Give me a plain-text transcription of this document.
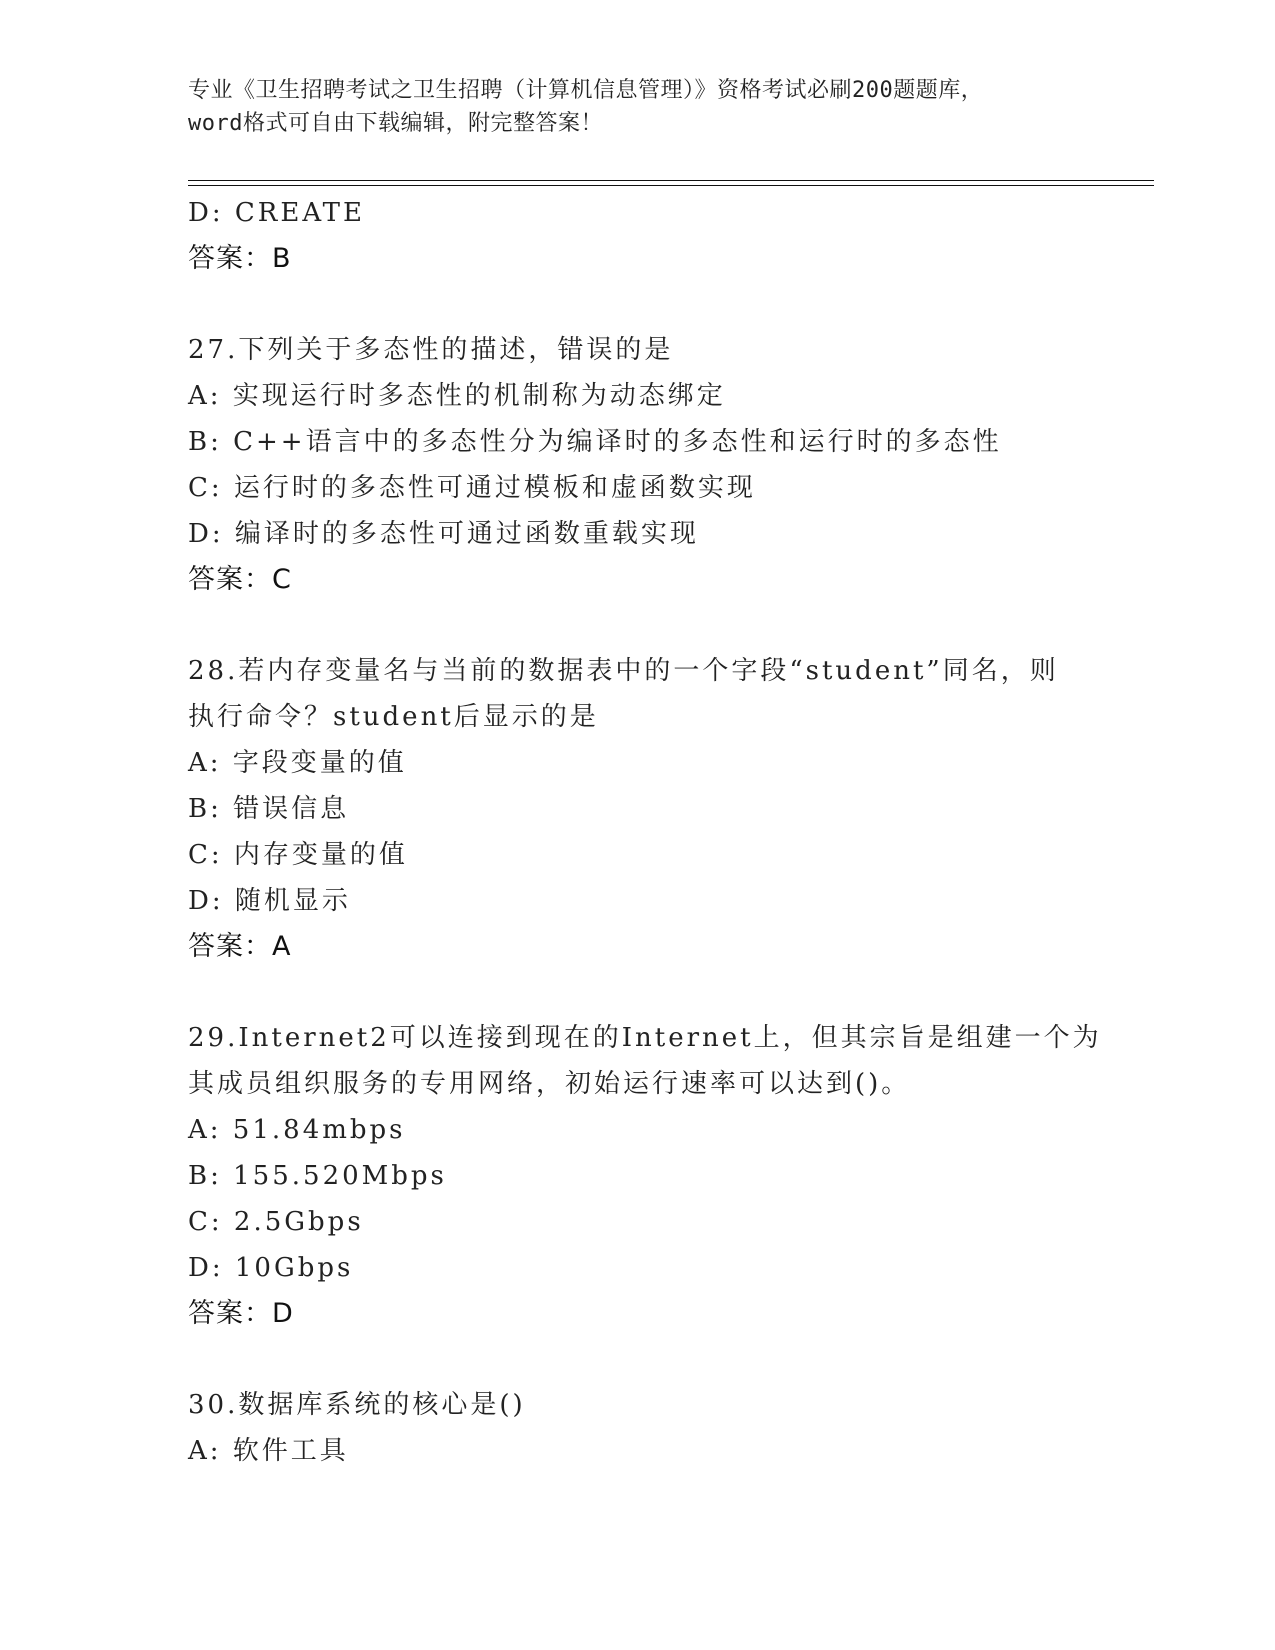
专业《卫生招聘考试之卫生招聘（计算机信息管理）》资格考试必刷200题题库，
word格式可自由下载编辑，附完整答案！
D: CREATE
答案：B
27.下列关于多态性的描述，错误的是
A: 实现运行时多态性的机制称为动态绑定
B: C++语言中的多态性分为编译时的多态性和运行时的多态性
C: 运行时的多态性可通过模板和虚函数实现
D: 编译时的多态性可通过函数重载实现
答案：C
28.若内存变量名与当前的数据表中的一个字段“student”同名，则
执行命令？student后显示的是
A: 字段变量的值
B: 错误信息
C: 内存变量的值
D: 随机显示
答案：A
29.Internet2可以连接到现在的Internet上，但其宗旨是组建一个为
其成员组织服务的专用网络，初始运行速率可以达到()。
A: 51.84mbps
B: 155.520Mbps
C: 2.5Gbps
D: 10Gbps
答案：D
30.数据库系统的核心是()
A: 软件工具
